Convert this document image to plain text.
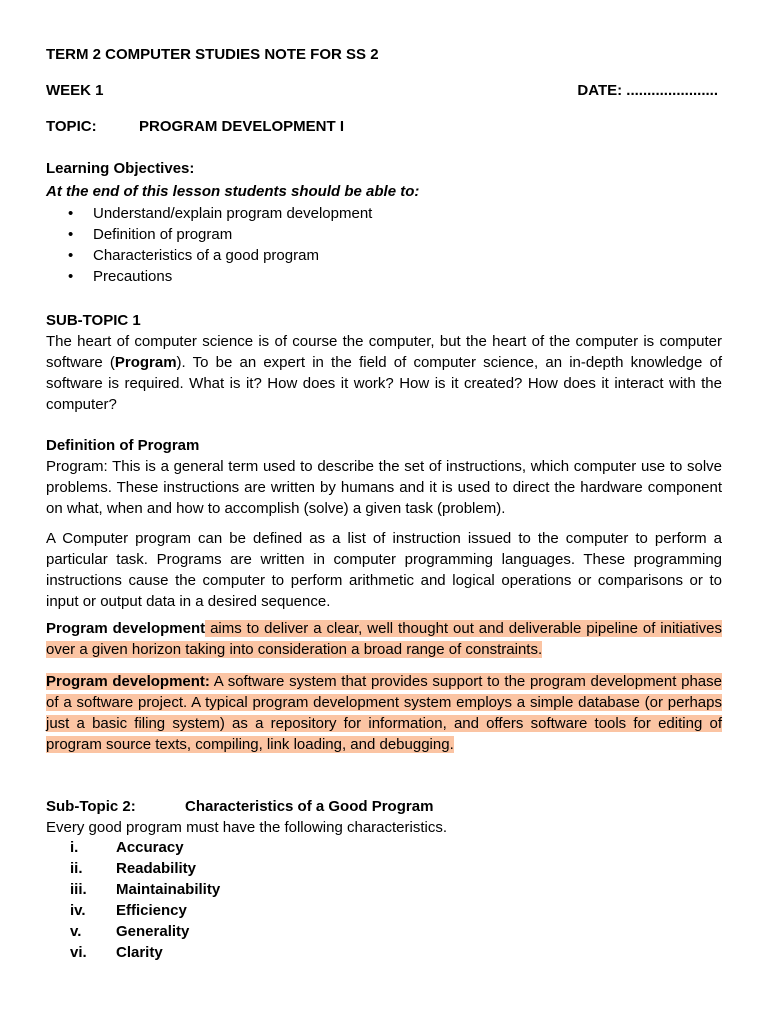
TERM 2 COMPUTER STUDIES NOTE FOR SS 2
WEEK 1	DATE: ......................
TOPIC:	PROGRAM DEVELOPMENT I
Learning Objectives:
At the end of this lesson students should be able to:
• Understand/explain program development
• Definition of program
• Characteristics of a good program
• Precautions
SUB-TOPIC 1
The heart of computer science is of course the computer, but the heart of the computer is computer software (Program). To be an expert in the field of computer science, an in-depth knowledge of software is required. What is it? How does it work? How is it created? How does it interact with the computer?
Definition of Program
Program: This is a general term used to describe the set of instructions, which computer use to solve problems. These instructions are written by humans and it is used to direct the hardware component on what, when and how to accomplish (solve) a given task (problem).
A Computer program can be defined as a list of instruction issued to the computer to perform a particular task. Programs are written in computer programming languages. These programming instructions cause the computer to perform arithmetic and logical operations or comparisons or to input or output data in a desired sequence.
Program development aims to deliver a clear, well thought out and deliverable pipeline of initiatives over a given horizon taking into consideration a broad range of constraints.
Program development: A software system that provides support to the program development phase of a software project. A typical program development system employs a simple database (or perhaps just a basic filing system) as a repository for information, and offers software tools for editing of program source texts, compiling, link loading, and debugging.
Sub-Topic 2:	Characteristics of a Good Program
Every good program must have the following characteristics.
i.	Accuracy
ii.	Readability
iii.	Maintainability
iv.	Efficiency
v.	Generality
vi.	Clarity
